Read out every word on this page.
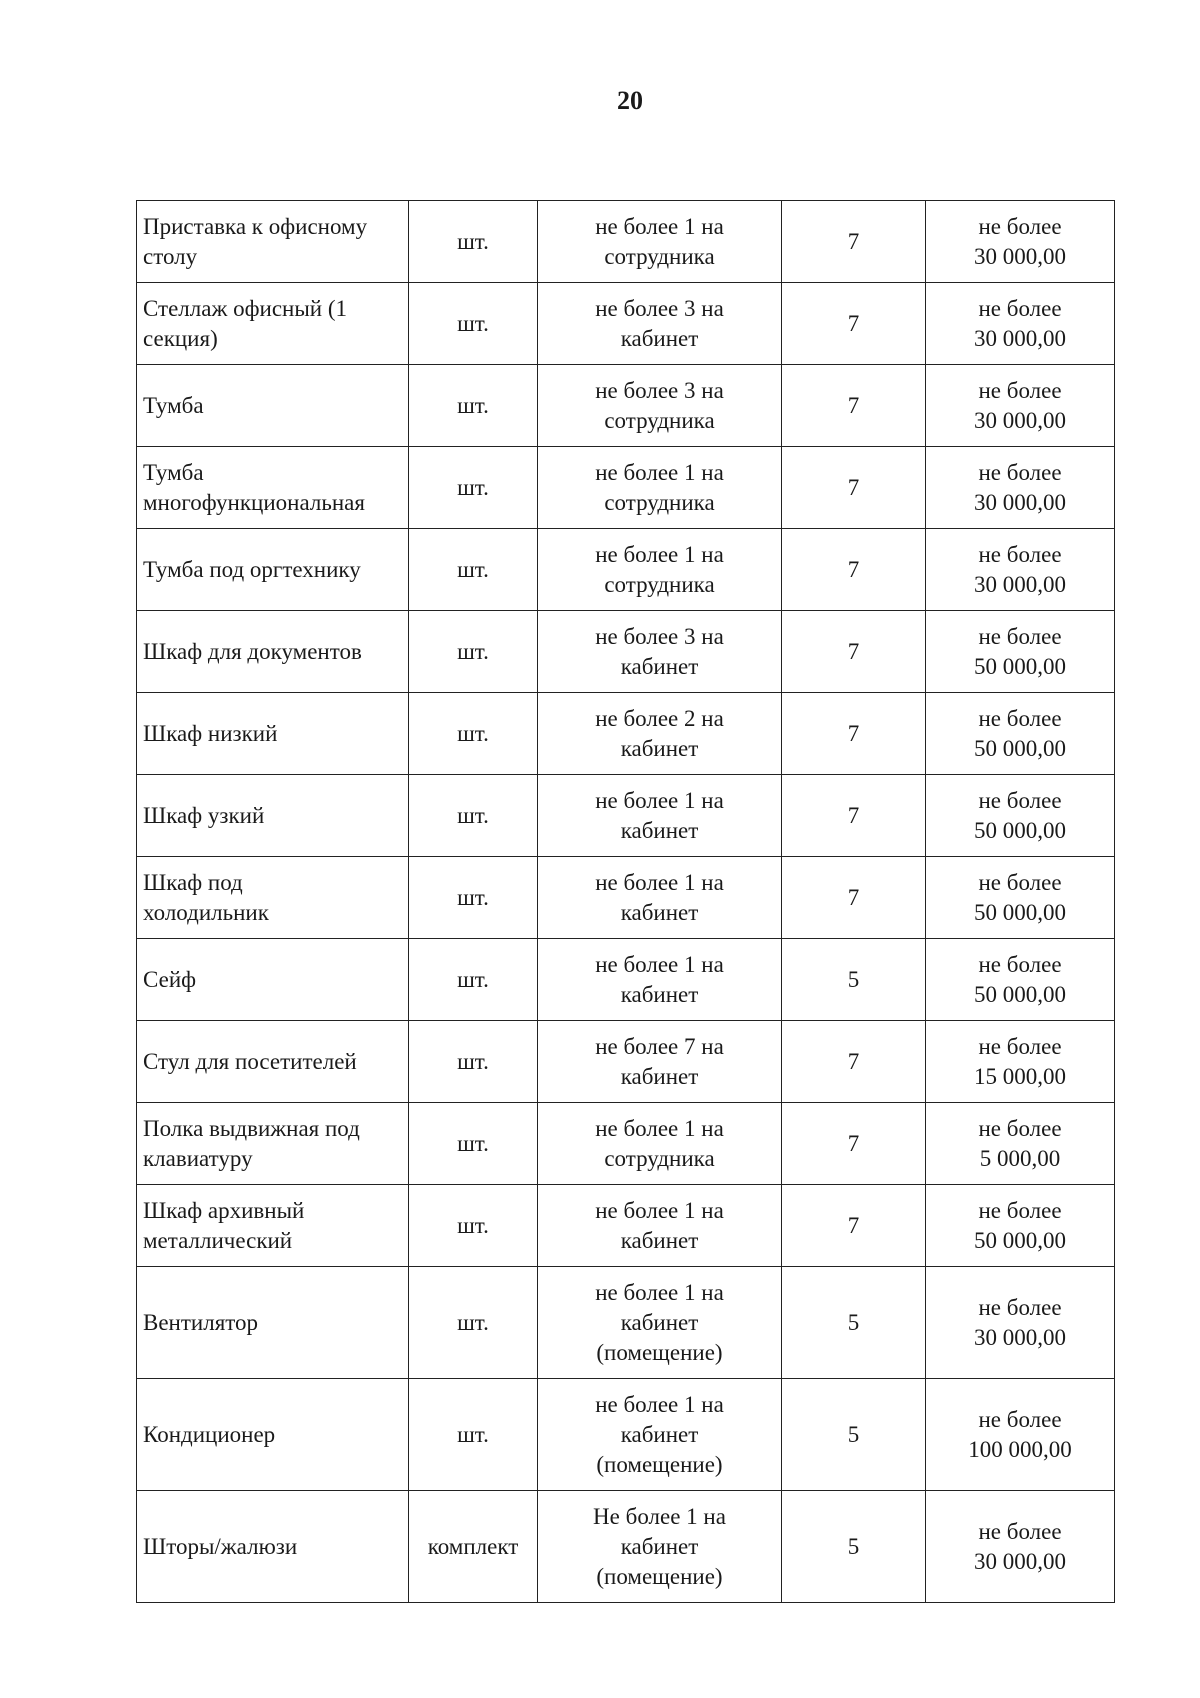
20
Приставка к офисному
столу	шт.	не более 1 на
сотрудника	7	не более
30 000,00

Стеллаж офисный (1
секция)	шт.	не более 3 на
кабинет	7	не более
30 000,00

Тумба	шт.	не более 3 на
сотрудника	7	не более
30 000,00

Тумба
многофункциональная	шт.	не более 1 на
сотрудника	7	не более
30 000,00

Тумба под оргтехнику	шт.	не более 1 на
сотрудника	7	не более
30 000,00

Шкаф для документов	шт.	не более 3 на
кабинет	7	не более
50 000,00

Шкаф низкий	шт.	не более 2 на
кабинет	7	не более
50 000,00

Шкаф узкий	шт.	не более 1 на
кабинет	7	не более
50 000,00

Шкаф под
холодильник	шт.	не более 1 на
кабинет	7	не более
50 000,00

Сейф	шт.	не более 1 на
кабинет	5	не более
50 000,00

Стул для посетителей	шт.	не более 7 на
кабинет	7	не более
15 000,00

Полка выдвижная под
клавиатуру	шт.	не более 1 на
сотрудника	7	не более
5 000,00

Шкаф архивный
металлический	шт.	не более 1 на
кабинет	7	не более
50 000,00

Вентилятор	шт.	не более 1 на
кабинет
(помещение)	5	не более
30 000,00

Кондиционер	шт.	не более 1 на
кабинет
(помещение)	5	не более
100 000,00

Шторы/жалюзи	комплект	Не более 1 на
кабинет
(помещение)	5	не более
30 000,00
